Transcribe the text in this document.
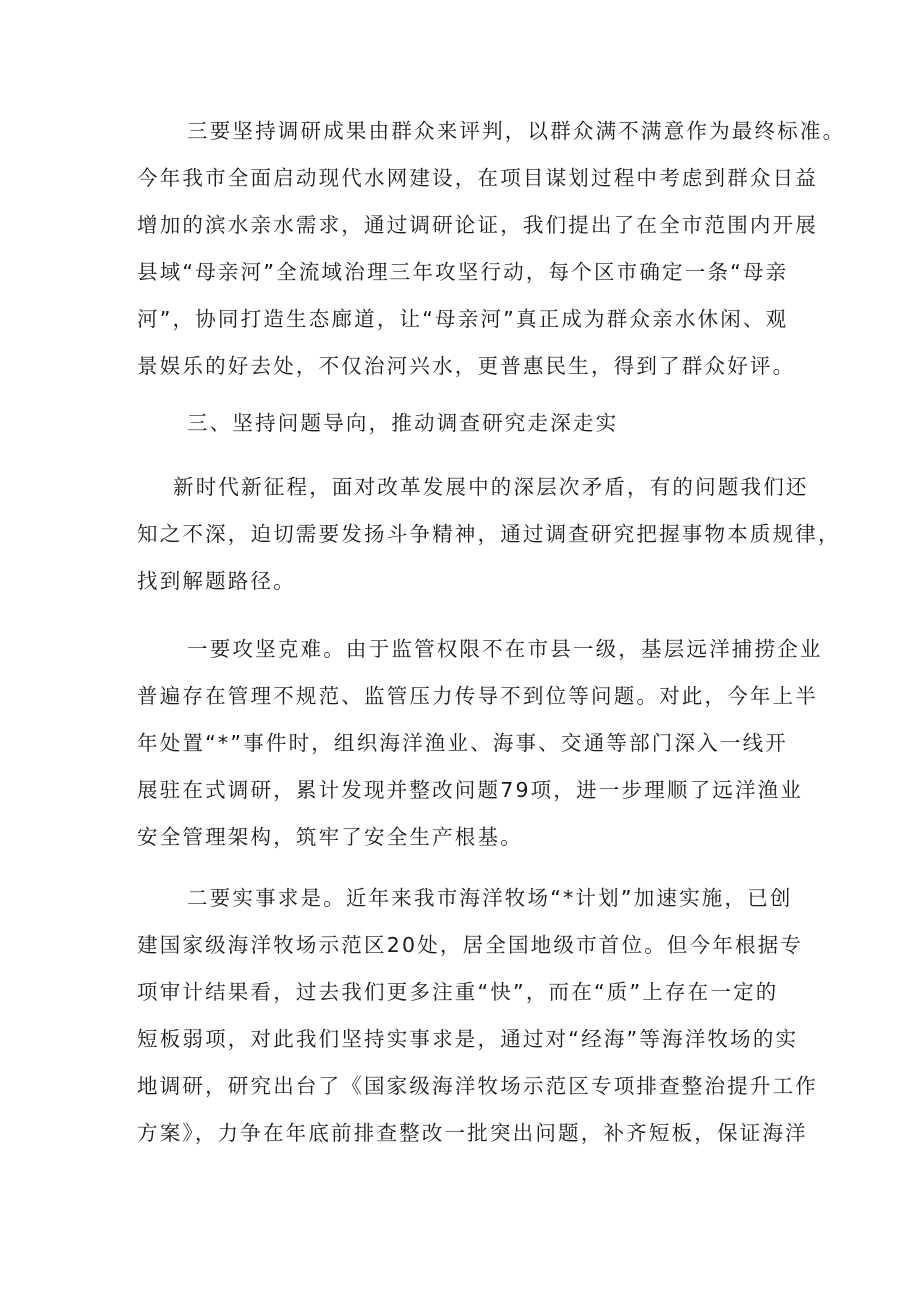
三要坚持调研成果由群众来评判，以群众满不满意作为最终标准。
今年我市全面启动现代水网建设，在项目谋划过程中考虑到群众日益
增加的滨水亲水需求，通过调研论证，我们提出了在全市范围内开展
县域“母亲河”全流域治理三年攻坚行动，每个区市确定一条“母亲
河”，协同打造生态廊道，让“母亲河”真正成为群众亲水休闲、观
景娱乐的好去处，不仅治河兴水，更普惠民生，得到了群众好评。
三、坚持问题导向，推动调查研究走深走实
新时代新征程，面对改革发展中的深层次矛盾，有的问题我们还
知之不深，迫切需要发扬斗争精神，通过调查研究把握事物本质规律，
找到解题路径。
一要攻坚克难。由于监管权限不在市县一级，基层远洋捕捞企业
普遍存在管理不规范、监管压力传导不到位等问题。对此，今年上半
年处置“*”事件时，组织海洋渔业、海事、交通等部门深入一线开
展驻在式调研，累计发现并整改问题79项，进一步理顺了远洋渔业
安全管理架构，筑牢了安全生产根基。
二要实事求是。近年来我市海洋牧场“*计划”加速实施，已创
建国家级海洋牧场示范区20处，居全国地级市首位。但今年根据专
项审计结果看，过去我们更多注重“快”，而在“质”上存在一定的
短板弱项，对此我们坚持实事求是，通过对“经海”等海洋牧场的实
地调研，研究出台了《国家级海洋牧场示范区专项排查整治提升工作
方案》，力争在年底前排查整改一批突出问题，补齐短板，保证海洋
